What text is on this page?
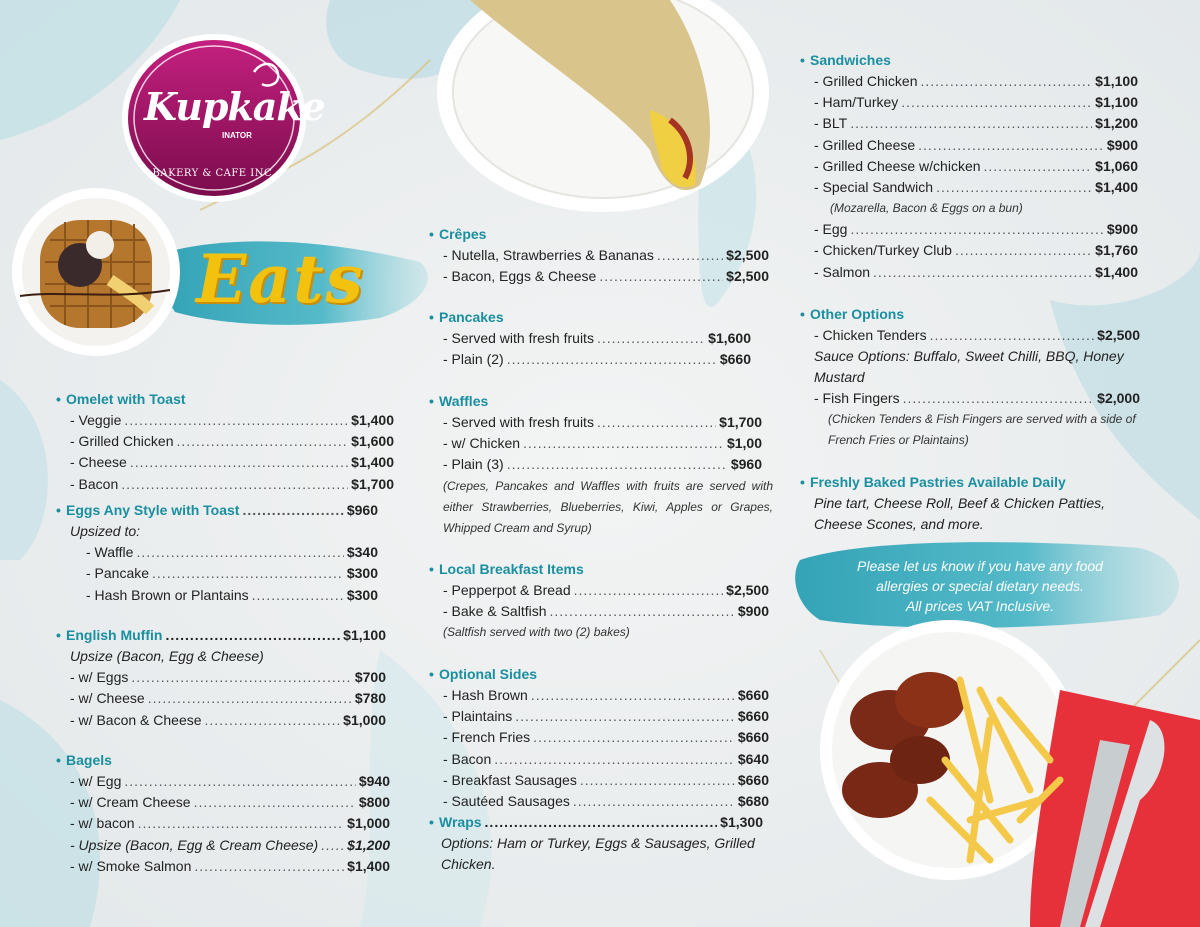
Kupkake
INATOR
BAKERY & CAFE INC.
Eats
• Omelet with Toast
- Veggie .....	$1,400
- Grilled Chicken .....	$1,600
- Cheese .....	$1,400
- Bacon .....	$1,700
• Eggs Any Style with Toast .....	$960
Upsized to:
- Waffle .....	$340
- Pancake .....	$300
- Hash Brown or Plantains .....	$300
• English Muffin .....	$1,100
Upsize (Bacon, Egg & Cheese)
- w/ Eggs .....	$700
- w/ Cheese .....	$780
- w/ Bacon & Cheese .....	$1,000
• Bagels
- w/ Egg .....	$940
- w/ Cream Cheese .....	$800
- w/ bacon .....	$1,000
- Upsize (Bacon, Egg & Cream Cheese) ..... $1,200
- w/ Smoke Salmon .....	$1,400
• Crêpes
- Nutella, Strawberries & Bananas .....	$2,500
- Bacon, Eggs & Cheese .....	$2,500
• Pancakes
- Served with fresh fruits .....	$1,600
- Plain (2) .....	$660
• Waffles
- Served with fresh fruits .....	$1,700
- w/ Chicken .....	$1,00
- Plain (3) .....	$960
(Crepes, Pancakes and Waffles with fruits are served with either Strawberries, Blueberries, Kiwi, Apples or Grapes, Whipped Cream and Syrup)
• Local Breakfast Items
- Pepperpot & Bread .....	$2,500
- Bake & Saltfish .....	$900
(Saltfish served with two (2) bakes)
• Optional Sides
- Hash Brown .....	$660
- Plaintains .....	$660
- French Fries .....	$660
- Bacon .....	$640
- Breakfast Sausages .....	$660
- Sautéed Sausages .....	$680
• Wraps .....	$1,300
Options: Ham or Turkey, Eggs & Sausages, Grilled Chicken.
• Sandwiches
- Grilled Chicken .....	$1,100
- Ham/Turkey .....	$1,100
- BLT .....	$1,200
- Grilled Cheese .....	$900
- Grilled Cheese w/chicken .....	$1,060
- Special Sandwich .....	$1,400
(Mozarella, Bacon & Eggs on a bun)
- Egg .....	$900
- Chicken/Turkey Club .....	$1,760
- Salmon .....	$1,400
• Other Options
- Chicken Tenders .....	$2,500
Sauce Options: Buffalo, Sweet Chilli, BBQ, Honey Mustard
- Fish Fingers .....	$2,000
(Chicken Tenders & Fish Fingers are served with a side of French Fries or Plaintains)
• Freshly Baked Pastries Available Daily
Pine tart, Cheese Roll, Beef & Chicken Patties, Cheese Scones, and more.
Please let us know if you have any food
allergies or special dietary needs.
All prices VAT Inclusive.
